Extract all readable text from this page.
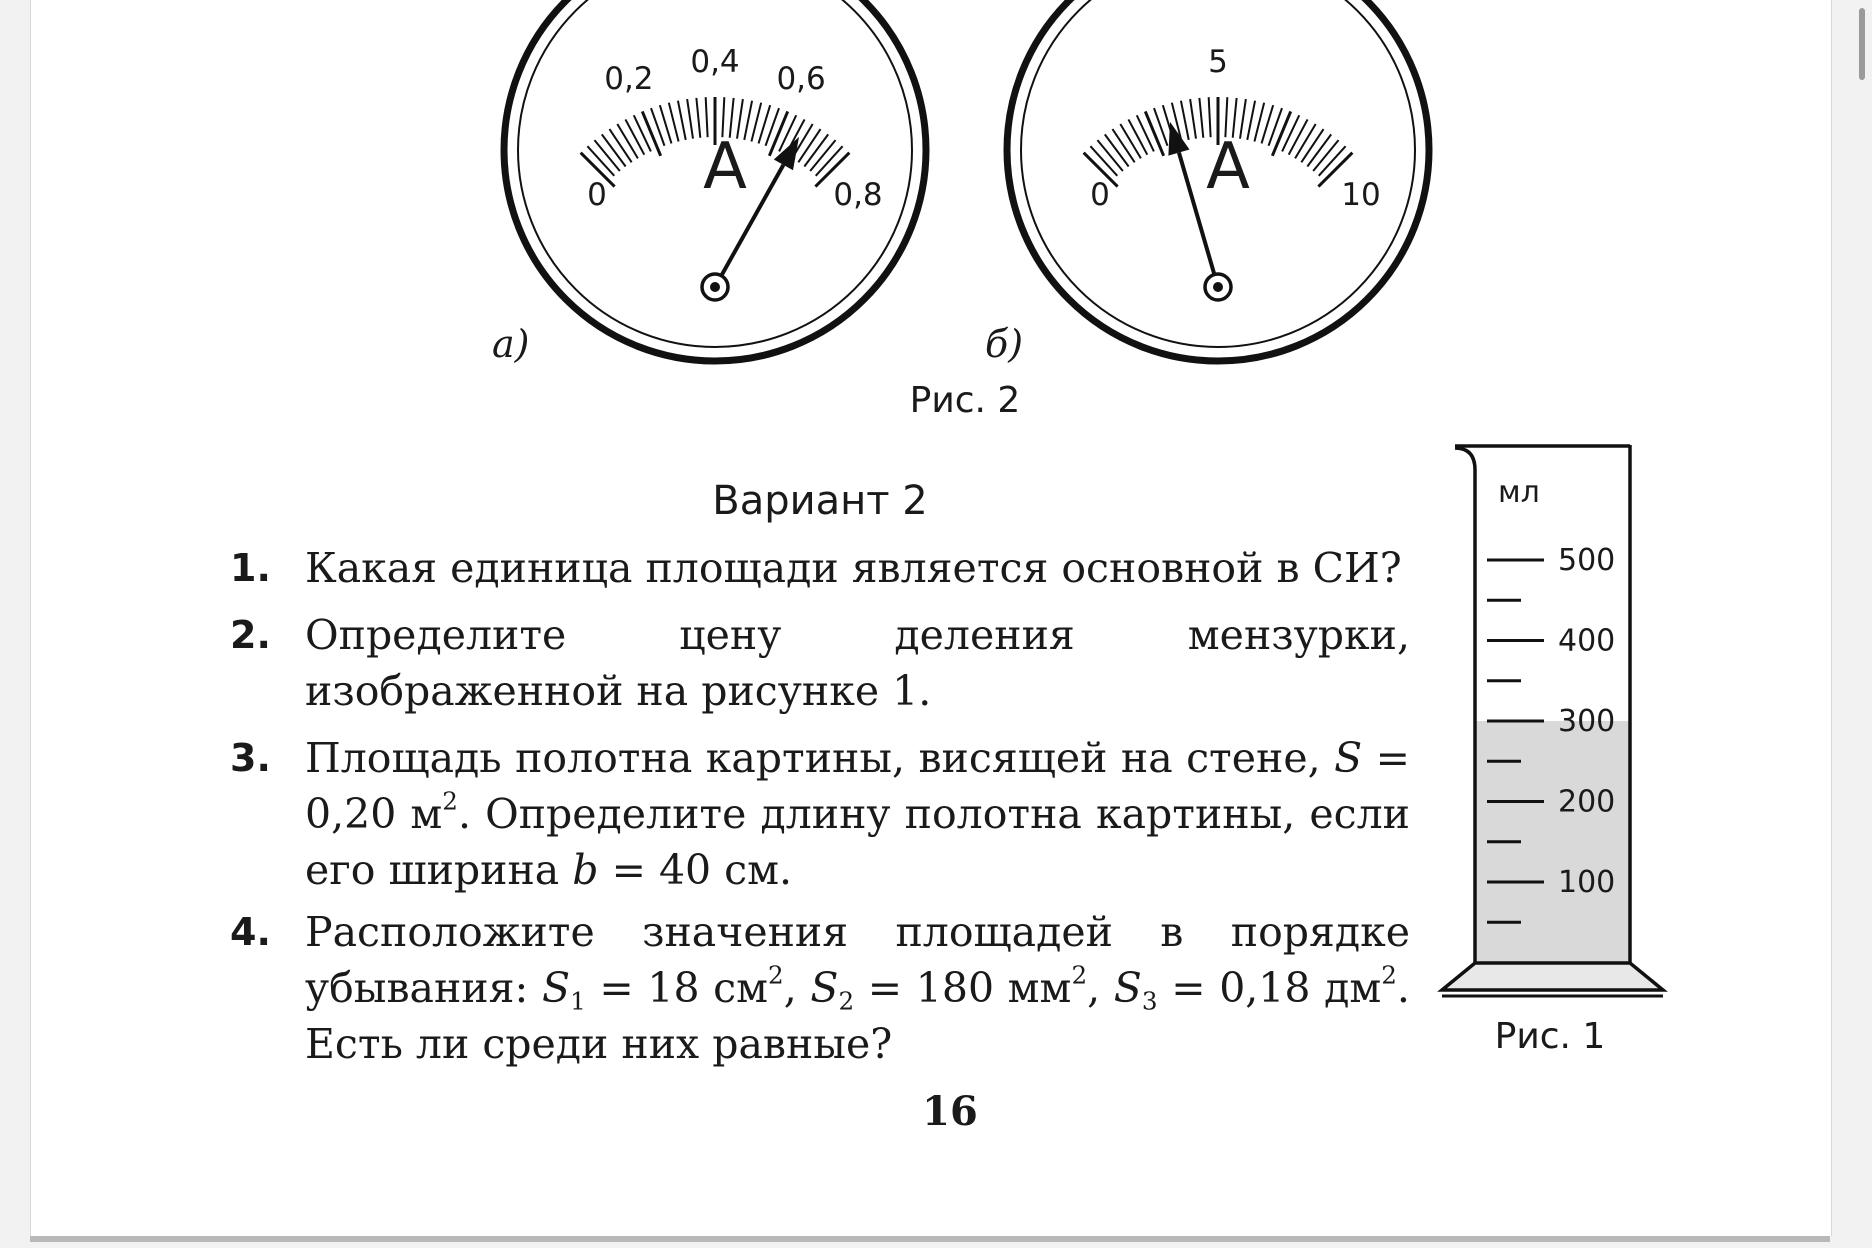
0
0,2 0,4 0,6
0,8
A	0
5
10
A
а)	б)
Рис. 2
мл
500
400
300
200
100
Рис. 1
Вариант 2
1. Какая единица площади является основной в СИ?
2. Определите цену деления мензурки, изображенной на рисунке 1.
3. Площадь полотна картины, висящей на стене, S = 0,20 $м^2$. Определите длину полотна картины, если его ширина b = 40 см.
4. Расположите значения площадей в порядке убывания: $S_1 = 18$ $см^2$, $S_2 = 180$ $мм^2$, $S_3 = 0,18$ $дм^2$. Есть ли среди них равные?
16
